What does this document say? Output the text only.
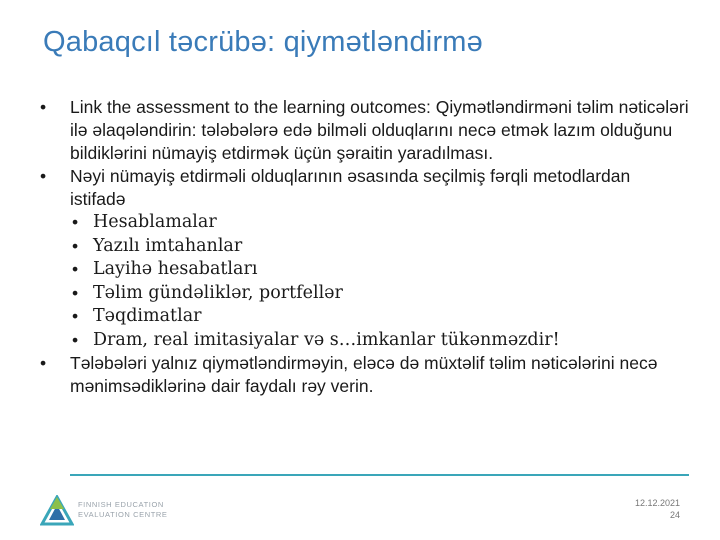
Qabaqcıl təcrübə: qiymətləndirmə
• Link the assessment to the learning outcomes: Qiymətləndirməni təlim nəticələri ilə əlaqələndirin: tələbələrə edə bilməli olduqlarını necə etmək lazım olduğunu bildiklərini nümayiş etdirmək üçün şəraitin yaradılması.
• Nəyi nümayiş etdirməli olduqlarının əsasında seçilmiş fərqli metodlardan istifadə
• Hesablamalar
• Yazılı imtahanlar
• Layihə hesabatları
• Təlim gündəliklər, portfellər
• Təqdimatlar
• Dram, real imitasiyalar və s…imkanlar tükənməzdir!
• Tələbələri yalnız qiymətləndirməyin, eləcə də müxtəlif təlim nəticələrini necə mənimsədiklərinə dair faydalı rəy verin.
FINNISH EDUCATION
EVALUATION CENTRE
12.12.2021
24
